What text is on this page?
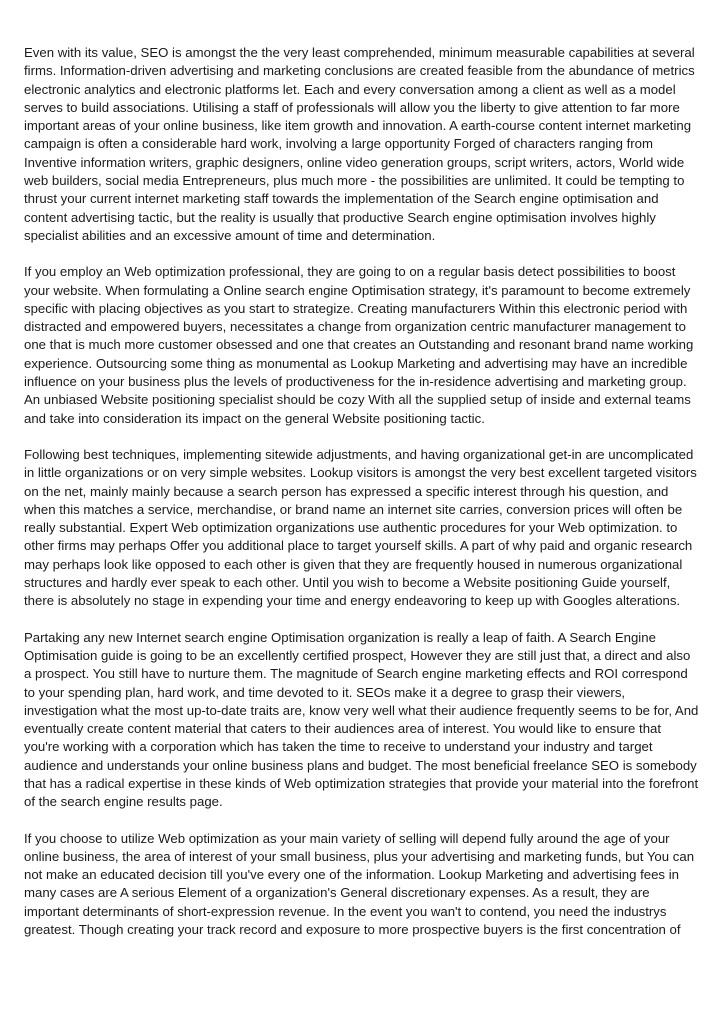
Even with its value, SEO is amongst the the very least comprehended, minimum measurable capabilities at several firms. Information-driven advertising and marketing conclusions are created feasible from the abundance of metrics electronic analytics and electronic platforms let. Each and every conversation among a client as well as a model serves to build associations. Utilising a staff of professionals will allow you the liberty to give attention to far more important areas of your online business, like item growth and innovation. A earth-course content internet marketing campaign is often a considerable hard work, involving a large opportunity Forged of characters ranging from Inventive information writers, graphic designers, online video generation groups, script writers, actors, World wide web builders, social media Entrepreneurs, plus much more - the possibilities are unlimited. It could be tempting to thrust your current internet marketing staff towards the implementation of the Search engine optimisation and content advertising tactic, but the reality is usually that productive Search engine optimisation involves highly specialist abilities and an excessive amount of time and determination.

If you employ an Web optimization professional, they are going to on a regular basis detect possibilities to boost your website. When formulating a Online search engine Optimisation strategy, it's paramount to become extremely specific with placing objectives as you start to strategize. Creating manufacturers Within this electronic period with distracted and empowered buyers, necessitates a change from organization centric manufacturer management to one that is much more customer obsessed and one that creates an Outstanding and resonant brand name working experience. Outsourcing some thing as monumental as Lookup Marketing and advertising may have an incredible influence on your business plus the levels of productiveness for the in-residence advertising and marketing group. An unbiased Website positioning specialist should be cozy With all the supplied setup of inside and external teams and take into consideration its impact on the general Website positioning tactic.

Following best techniques, implementing sitewide adjustments, and having organizational get-in are uncomplicated in little organizations or on very simple websites. Lookup visitors is amongst the very best excellent targeted visitors on the net, mainly mainly because a search person has expressed a specific interest through his question, and when this matches a service, merchandise, or brand name an internet site carries, conversion prices will often be really substantial. Expert Web optimization organizations use authentic procedures for your Web optimization. to other firms may perhaps Offer you additional place to target yourself skills. A part of why paid and organic research may perhaps look like opposed to each other is given that they are frequently housed in numerous organizational structures and hardly ever speak to each other. Until you wish to become a Website positioning Guide yourself, there is absolutely no stage in expending your time and energy endeavoring to keep up with Googles alterations.

Partaking any new Internet search engine Optimisation organization is really a leap of faith. A Search Engine Optimisation guide is going to be an excellently certified prospect, However they are still just that, a direct and also a prospect. You still have to nurture them. The magnitude of Search engine marketing effects and ROI correspond to your spending plan, hard work, and time devoted to it. SEOs make it a degree to grasp their viewers, investigation what the most up-to-date traits are, know very well what their audience frequently seems to be for, And eventually create content material that caters to their audiences area of interest. You would like to ensure that you're working with a corporation which has taken the time to receive to understand your industry and target audience and understands your online business plans and budget. The most beneficial freelance SEO is somebody that has a radical expertise in these kinds of Web optimization strategies that provide your material into the forefront of the search engine results page.

If you choose to utilize Web optimization as your main variety of selling will depend fully around the age of your online business, the area of interest of your small business, plus your advertising and marketing funds, but You can not make an educated decision till you've every one of the information. Lookup Marketing and advertising fees in many cases are A serious Element of a organization's General discretionary expenses. As a result, they are important determinants of short-expression revenue. In the event you wan't to contend, you need the industrys greatest. Though creating your track record and exposure to more prospective buyers is the first concentration of
